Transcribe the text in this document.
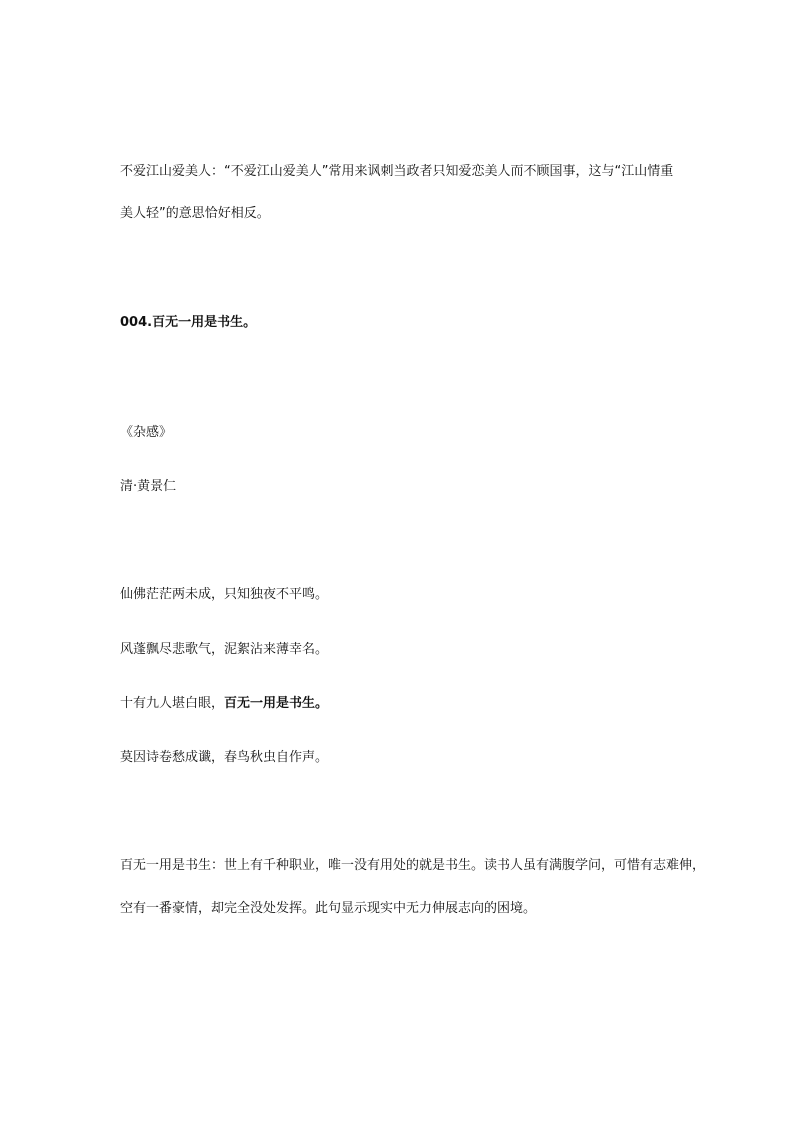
不爱江山爱美人：“不爱江山爱美人”常用来讽刺当政者只知爱恋美人而不顾国事，这与“江山情重
美人轻”的意思恰好相反。
004.百无一用是书生。
《杂感》
清·黄景仁
仙佛茫茫两未成，只知独夜不平鸣。
风蓬飘尽悲歌气，泥絮沾来薄幸名。
十有九人堪白眼，百无一用是书生。
莫因诗卷愁成谶，春鸟秋虫自作声。
百无一用是书生：世上有千种职业，唯一没有用处的就是书生。读书人虽有满腹学问，可惜有志难伸，
空有一番豪情，却完全没处发挥。此句显示现实中无力伸展志向的困境。
